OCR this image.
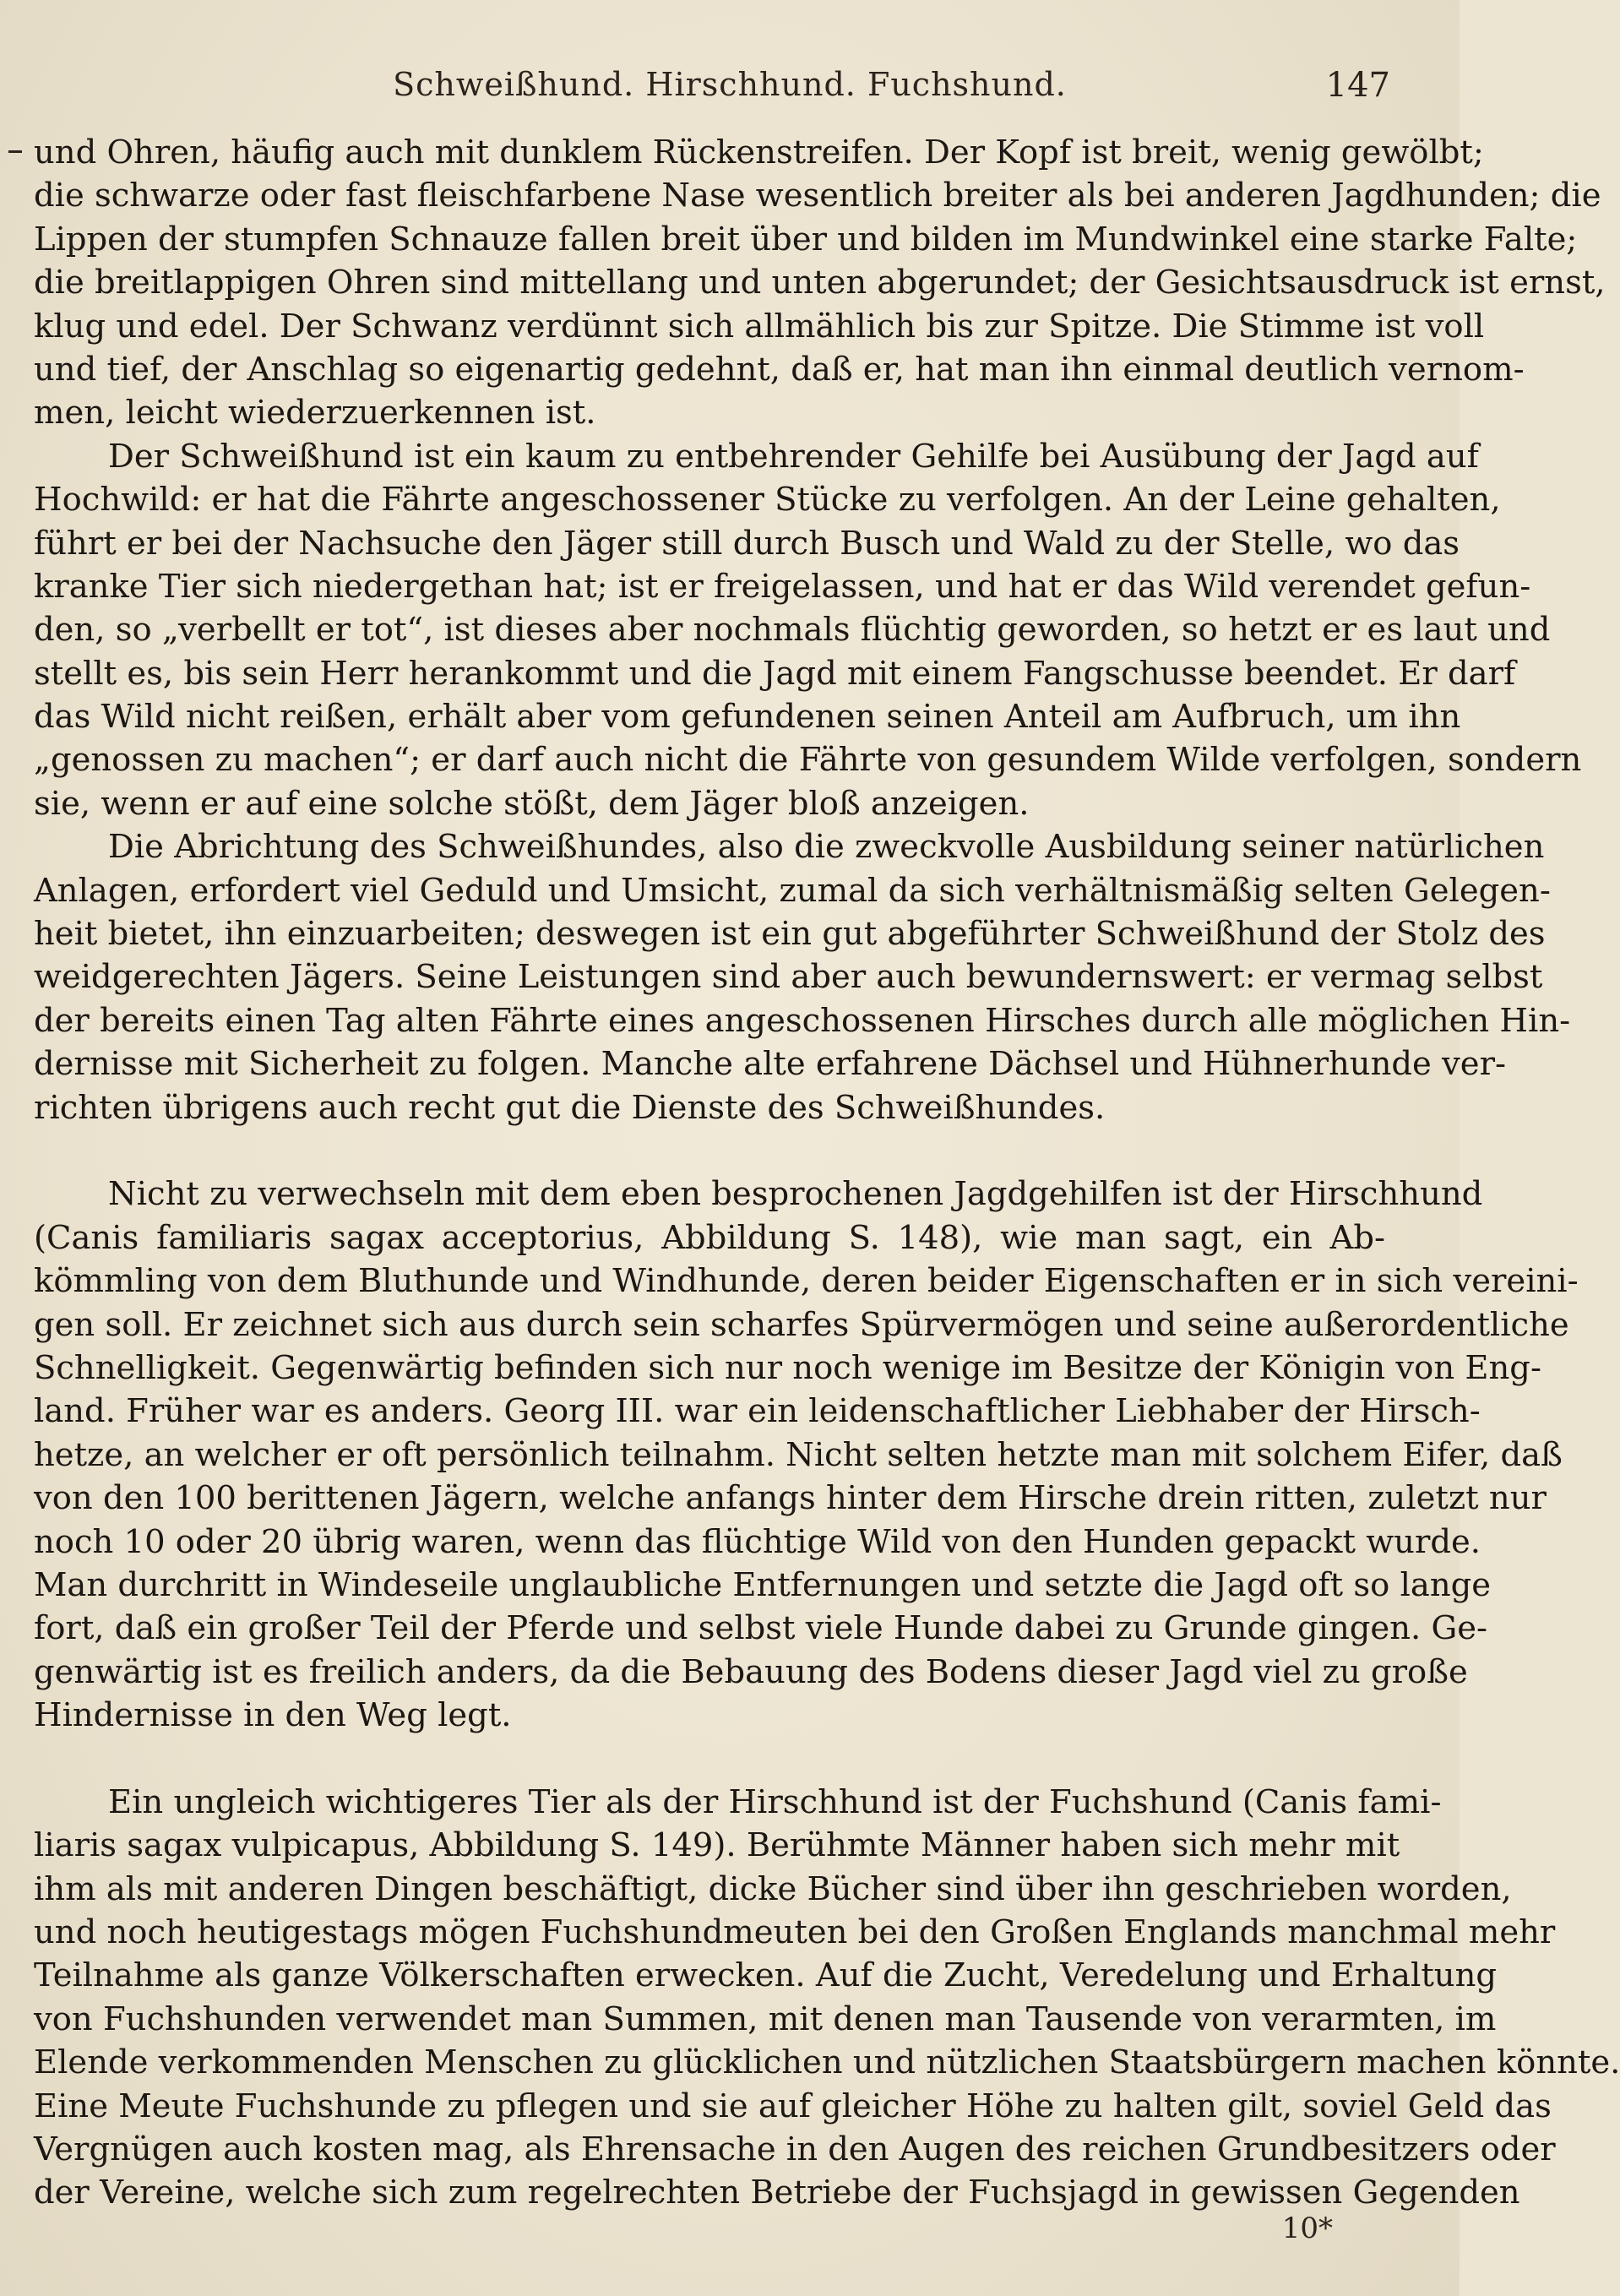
Schweißhund. Hirschhund. Fuchshund.	147
und Ohren, häufig auch mit dunklem Rückenstreifen. Der Kopf ist breit, wenig gewölbt;
die schwarze oder fast fleischfarbene Nase wesentlich breiter als bei anderen Jagdhunden; die
Lippen der stumpfen Schnauze fallen breit über und bilden im Mundwinkel eine starke Falte;
die breitlappigen Ohren sind mittellang und unten abgerundet; der Gesichtsausdruck ist ernst,
klug und edel. Der Schwanz verdünnt sich allmählich bis zur Spitze. Die Stimme ist voll
und tief, der Anschlag so eigenartig gedehnt, daß er, hat man ihn einmal deutlich vernom-
men, leicht wiederzuerkennen ist.
Der Schweißhund ist ein kaum zu entbehrender Gehilfe bei Ausübung der Jagd auf
Hochwild: er hat die Fährte angeschossener Stücke zu verfolgen. An der Leine gehalten,
führt er bei der Nachsuche den Jäger still durch Busch und Wald zu der Stelle, wo das
kranke Tier sich niedergethan hat; ist er freigelassen, und hat er das Wild verendet gefun-
den, so „verbellt er tot“, ist dieses aber nochmals flüchtig geworden, so hetzt er es laut und
stellt es, bis sein Herr herankommt und die Jagd mit einem Fangschusse beendet. Er darf
das Wild nicht reißen, erhält aber vom gefundenen seinen Anteil am Aufbruch, um ihn
„genossen zu machen“; er darf auch nicht die Fährte von gesundem Wilde verfolgen, sondern
sie, wenn er auf eine solche stößt, dem Jäger bloß anzeigen.
Die Abrichtung des Schweißhundes, also die zweckvolle Ausbildung seiner natürlichen
Anlagen, erfordert viel Geduld und Umsicht, zumal da sich verhältnismäßig selten Gelegen-
heit bietet, ihn einzuarbeiten; deswegen ist ein gut abgeführter Schweißhund der Stolz des
weidgerechten Jägers. Seine Leistungen sind aber auch bewundernswert: er vermag selbst
der bereits einen Tag alten Fährte eines angeschossenen Hirsches durch alle möglichen Hin-
dernisse mit Sicherheit zu folgen. Manche alte erfahrene Dächsel und Hühnerhunde ver-
richten übrigens auch recht gut die Dienste des Schweißhundes.
Nicht zu verwechseln mit dem eben besprochenen Jagdgehilfen ist der Hirschhund
(Canis familiaris sagax acceptorius, Abbildung S. 148), wie man sagt, ein Ab-
kömmling von dem Bluthunde und Windhunde, deren beider Eigenschaften er in sich vereini-
gen soll. Er zeichnet sich aus durch sein scharfes Spürvermögen und seine außerordentliche
Schnelligkeit. Gegenwärtig befinden sich nur noch wenige im Besitze der Königin von Eng-
land. Früher war es anders. Georg III. war ein leidenschaftlicher Liebhaber der Hirsch-
hetze, an welcher er oft persönlich teilnahm. Nicht selten hetzte man mit solchem Eifer, daß
von den 100 berittenen Jägern, welche anfangs hinter dem Hirsche drein ritten, zuletzt nur
noch 10 oder 20 übrig waren, wenn das flüchtige Wild von den Hunden gepackt wurde.
Man durchritt in Windeseile unglaubliche Entfernungen und setzte die Jagd oft so lange
fort, daß ein großer Teil der Pferde und selbst viele Hunde dabei zu Grunde gingen. Ge-
genwärtig ist es freilich anders, da die Bebauung des Bodens dieser Jagd viel zu große
Hindernisse in den Weg legt.
Ein ungleich wichtigeres Tier als der Hirschhund ist der Fuchshund (Canis fami-
liaris sagax vulpicapus, Abbildung S. 149). Berühmte Männer haben sich mehr mit
ihm als mit anderen Dingen beschäftigt, dicke Bücher sind über ihn geschrieben worden,
und noch heutigestags mögen Fuchshundmeuten bei den Großen Englands manchmal mehr
Teilnahme als ganze Völkerschaften erwecken. Auf die Zucht, Veredelung und Erhaltung
von Fuchshunden verwendet man Summen, mit denen man Tausende von verarmten, im
Elende verkommenden Menschen zu glücklichen und nützlichen Staatsbürgern machen könnte.
Eine Meute Fuchshunde zu pflegen und sie auf gleicher Höhe zu halten gilt, soviel Geld das
Vergnügen auch kosten mag, als Ehrensache in den Augen des reichen Grundbesitzers oder
der Vereine, welche sich zum regelrechten Betriebe der Fuchsjagd in gewissen Gegenden
10*
